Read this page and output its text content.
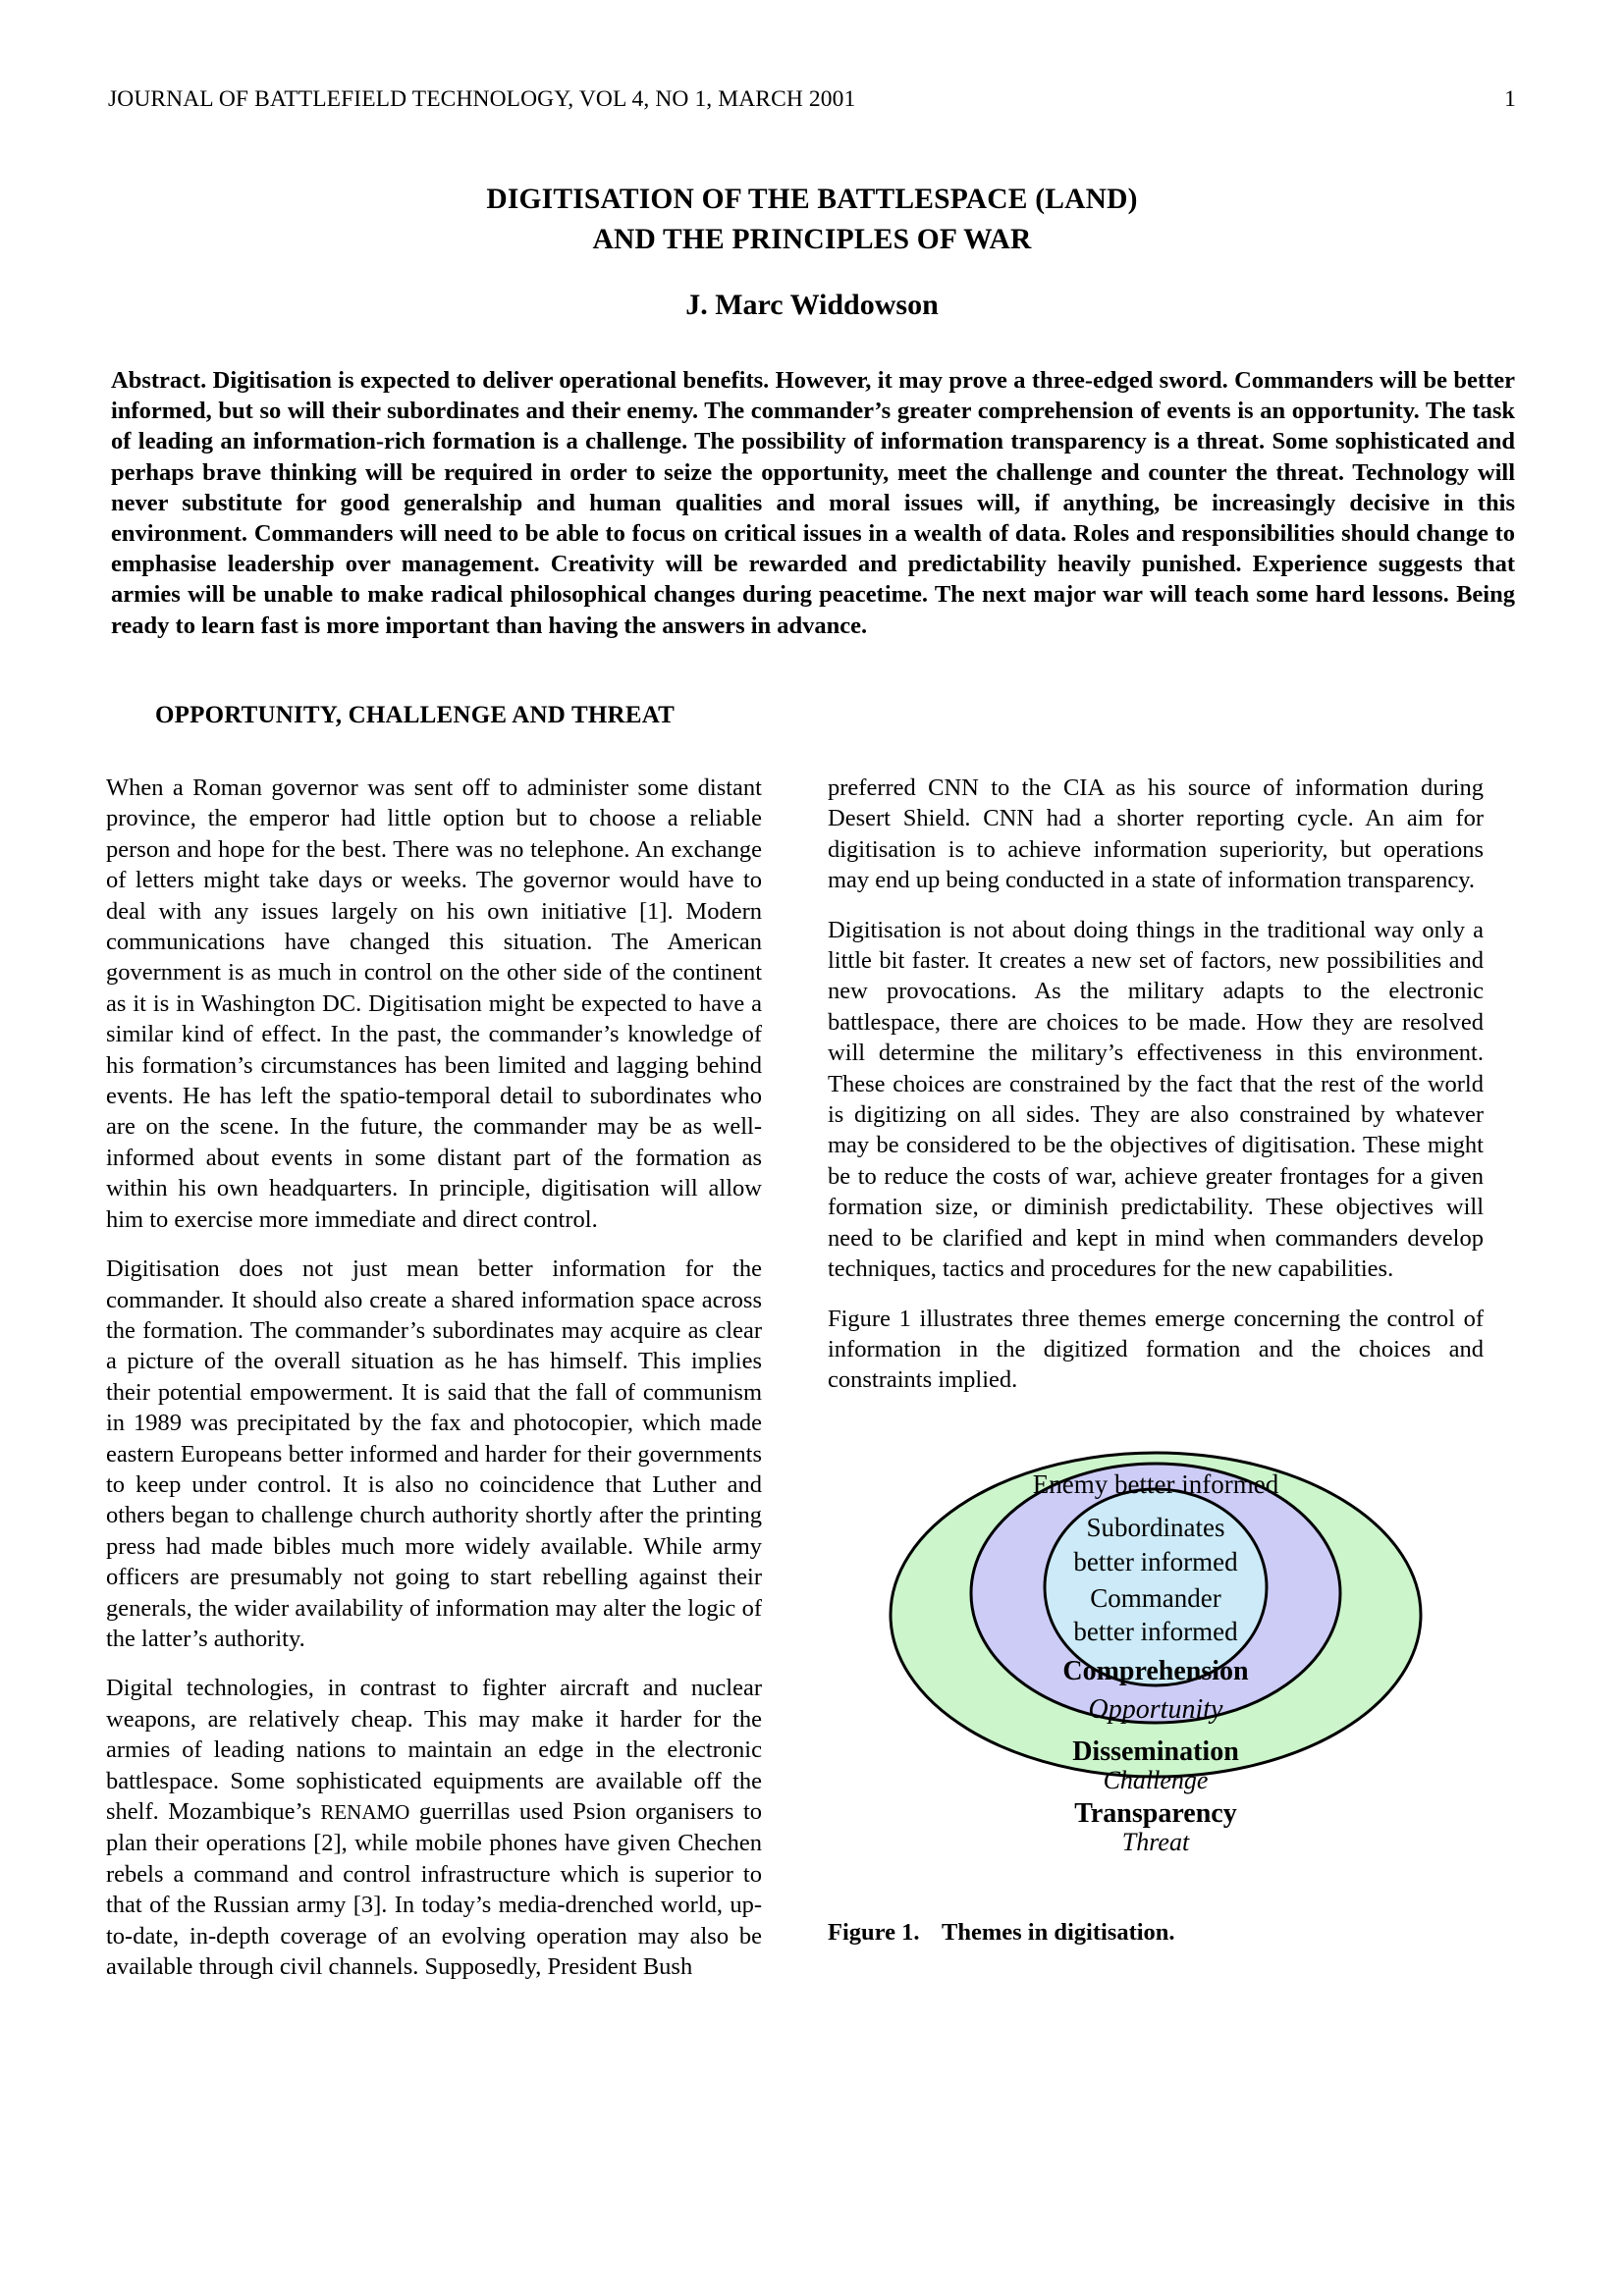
JOURNAL OF BATTLEFIELD TECHNOLOGY, VOL 4, NO 1, MARCH 2001	1
DIGITISATION OF THE BATTLESPACE (LAND)
AND THE PRINCIPLES OF WAR
J. Marc Widdowson
Abstract. Digitisation is expected to deliver operational benefits. However, it may prove a three-edged sword. Commanders will be better informed, but so will their subordinates and their enemy. The commander’s greater comprehension of events is an opportunity. The task of leading an information-rich formation is a challenge. The possibility of information transparency is a threat. Some sophisticated and perhaps brave thinking will be required in order to seize the opportunity, meet the challenge and counter the threat. Technology will never substitute for good generalship and human qualities and moral issues will, if anything, be increasingly decisive in this environment. Commanders will need to be able to focus on critical issues in a wealth of data. Roles and responsibilities should change to emphasise leadership over management. Creativity will be rewarded and predictability heavily punished. Experience suggests that armies will be unable to make radical philosophical changes during peacetime. The next major war will teach some hard lessons. Being ready to learn fast is more important than having the answers in advance.
OPPORTUNITY, CHALLENGE AND THREAT

When a Roman governor was sent off to administer some distant province, the emperor had little option but to choose a reliable person and hope for the best. There was no telephone. An exchange of letters might take days or weeks. The governor would have to deal with any issues largely on his own initiative [1]. Modern communications have changed this situation. The American government is as much in control on the other side of the continent as it is in Washington DC. Digitisation might be expected to have a similar kind of effect. In the past, the commander’s knowledge of his formation’s circumstances has been limited and lagging behind events. He has left the spatio-temporal detail to subordinates who are on the scene. In the future, the commander may be as well-informed about events in some distant part of the formation as within his own headquarters. In principle, digitisation will allow him to exercise more immediate and direct control.

Digitisation does not just mean better information for the commander. It should also create a shared information space across the formation. The commander’s subordinates may acquire as clear a picture of the overall situation as he has himself. This implies their potential empowerment. It is said that the fall of communism in 1989 was precipitated by the fax and photocopier, which made eastern Europeans better informed and harder for their governments to keep under control. It is also no coincidence that Luther and others began to challenge church authority shortly after the printing press had made bibles much more widely available. While army officers are presumably not going to start rebelling against their generals, the wider availability of information may alter the logic of the latter’s authority.

Digital technologies, in contrast to fighter aircraft and nuclear weapons, are relatively cheap. This may make it harder for the armies of leading nations to maintain an edge in the electronic battlespace. Some sophisticated equipments are available off the shelf. Mozambique’s RENAMO guerrillas used Psion organisers to plan their operations [2], while mobile phones have given Chechen rebels a command and control infrastructure which is superior to that of the Russian army [3]. In today’s media-drenched world, up-to-date, in-depth coverage of an evolving operation may also be available through civil channels. Supposedly, President Bush

preferred CNN to the CIA as his source of information during Desert Shield. CNN had a shorter reporting cycle. An aim for digitisation is to achieve information superiority, but operations may end up being conducted in a state of information transparency.

Digitisation is not about doing things in the traditional way only a little bit faster. It creates a new set of factors, new possibilities and new provocations. As the military adapts to the electronic battlespace, there are choices to be made. How they are resolved will determine the military’s effectiveness in this environment. These choices are constrained by the fact that the rest of the world is digitizing on all sides. They are also constrained by whatever may be considered to be the objectives of digitisation. These might be to reduce the costs of war, achieve greater frontages for a given formation size, or diminish predictability. These objectives will need to be clarified and kept in mind when commanders develop techniques, tactics and procedures for the new capabilities.

Figure 1 illustrates three themes emerge concerning the control of information in the digitized formation and the choices and constraints implied.

Enemy better informed
Subordinates
better informed
Commander
better informed
Comprehension
Opportunity
Dissemination
Challenge
Transparency
Threat
Figure 1. Themes in digitisation.
